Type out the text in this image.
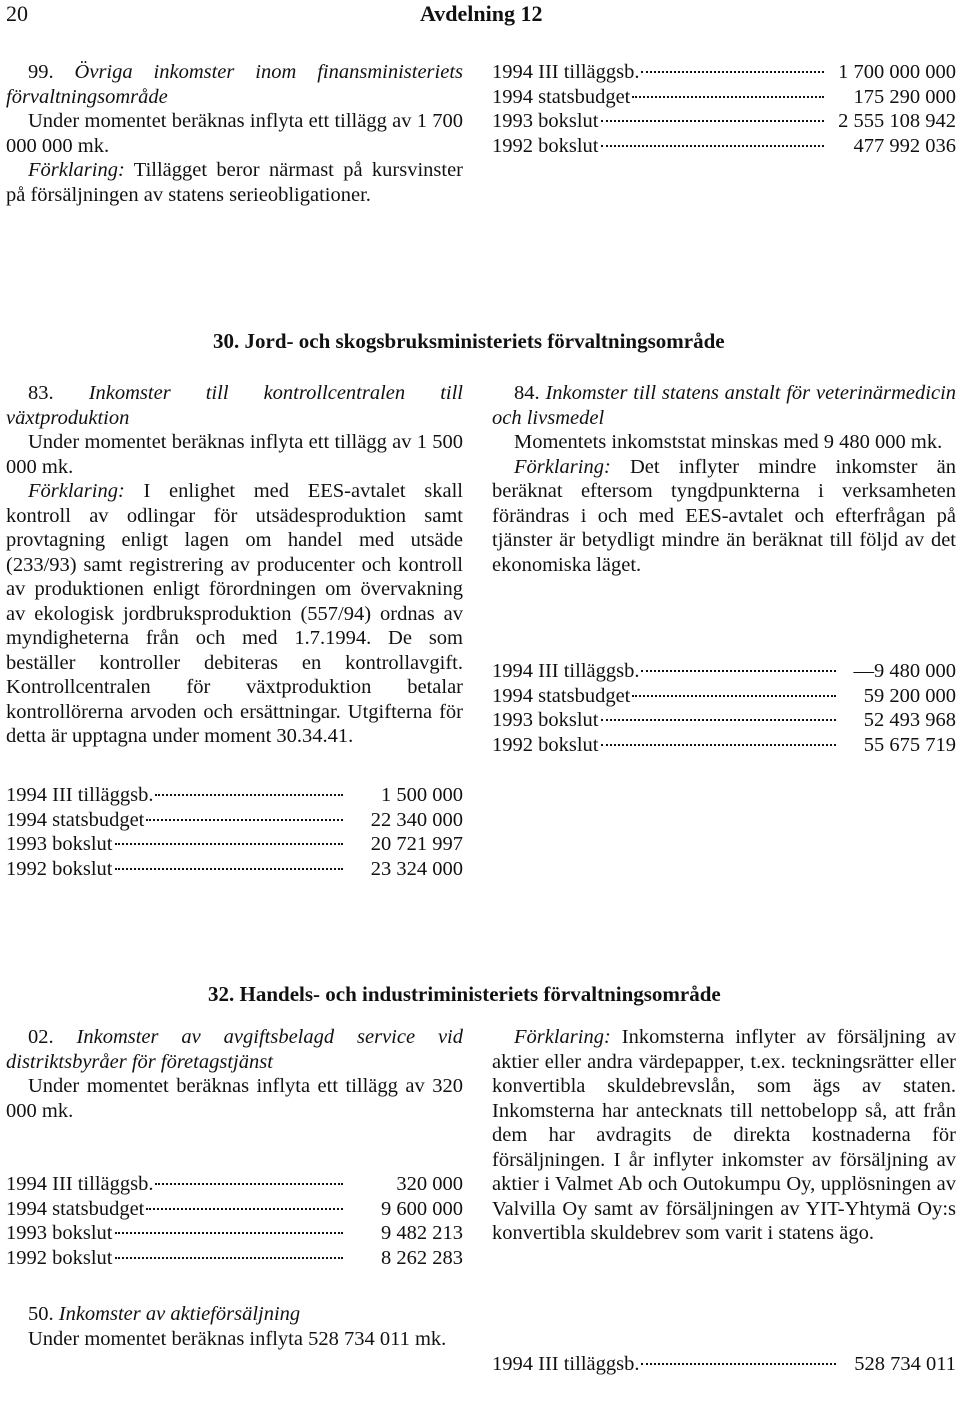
20	Avdelning 12

99. Övriga inkomster inom finansministeriets förvaltningsområde

Under momentet beräknas inflyta ett tillägg av 1 700 000 000 mk.

Förklaring: Tillägget beror närmast på kursvinster på försäljningen av statens serieobligationer.

1994 III tilläggsb.	1 700 000 000
1994 statsbudget	175 290 000
1993 bokslut	2 555 108 942
1992 bokslut	477 992 036
30. Jord- och skogsbruksministeriets förvaltningsområde

83. Inkomster till kontrollcentralen till växtproduktion

Under momentet beräknas inflyta ett tillägg av 1 500 000 mk.

Förklaring: I enlighet med EES-avtalet skall kontroll av odlingar för utsädesproduktion samt provtagning enligt lagen om handel med utsäde (233/93) samt registrering av producenter och kontroll av produktionen enligt förordningen om övervakning av ekologisk jordbruksproduktion (557/94) ordnas av myndigheterna från och med 1.7.1994. De som beställer kontroller debiteras en kontrollavgift. Kontrollcentralen för växtproduktion betalar kontrollörerna arvoden och ersättningar. Utgifterna för detta är upptagna under moment 30.34.41.

1994 III tilläggsb.	1 500 000
1994 statsbudget	22 340 000
1993 bokslut	20 721 997
1992 bokslut	23 324 000

84. Inkomster till statens anstalt för veterinärmedicin och livsmedel

Momentets inkomststat minskas med 9 480 000 mk.

Förklaring: Det inflyter mindre inkomster än beräknat eftersom tyngdpunkterna i verksamheten förändras i och med EES-avtalet och efterfrågan på tjänster är betydligt mindre än beräknat till följd av det ekonomiska läget.

1994 III tilläggsb.	—9 480 000
1994 statsbudget	59 200 000
1993 bokslut	52 493 968
1992 bokslut	55 675 719
32. Handels- och industriministeriets förvaltningsområde

02. Inkomster av avgiftsbelagd service vid distriktsbyråer för företagstjänst

Under momentet beräknas inflyta ett tillägg av 320 000 mk.

1994 III tilläggsb.	320 000
1994 statsbudget	9 600 000
1993 bokslut	9 482 213
1992 bokslut	8 262 283

50. Inkomster av aktieförsäljning

Under momentet beräknas inflyta 528 734 011 mk.

Förklaring: Inkomsterna inflyter av försäljning av aktier eller andra värdepapper, t.ex. teckningsrätter eller konvertibla skuldebrevslån, som ägs av staten. Inkomsterna har antecknats till nettobelopp så, att från dem har avdragits de direkta kostnaderna för försäljningen. I år inflyter inkomster av försäljning av aktier i Valmet Ab och Outokumpu Oy, upplösningen av Valvilla Oy samt av försäljningen av YIT-Yhtymä Oy:s konvertibla skuldebrev som varit i statens ägo.

1994 III tilläggsb.	528 734 011
